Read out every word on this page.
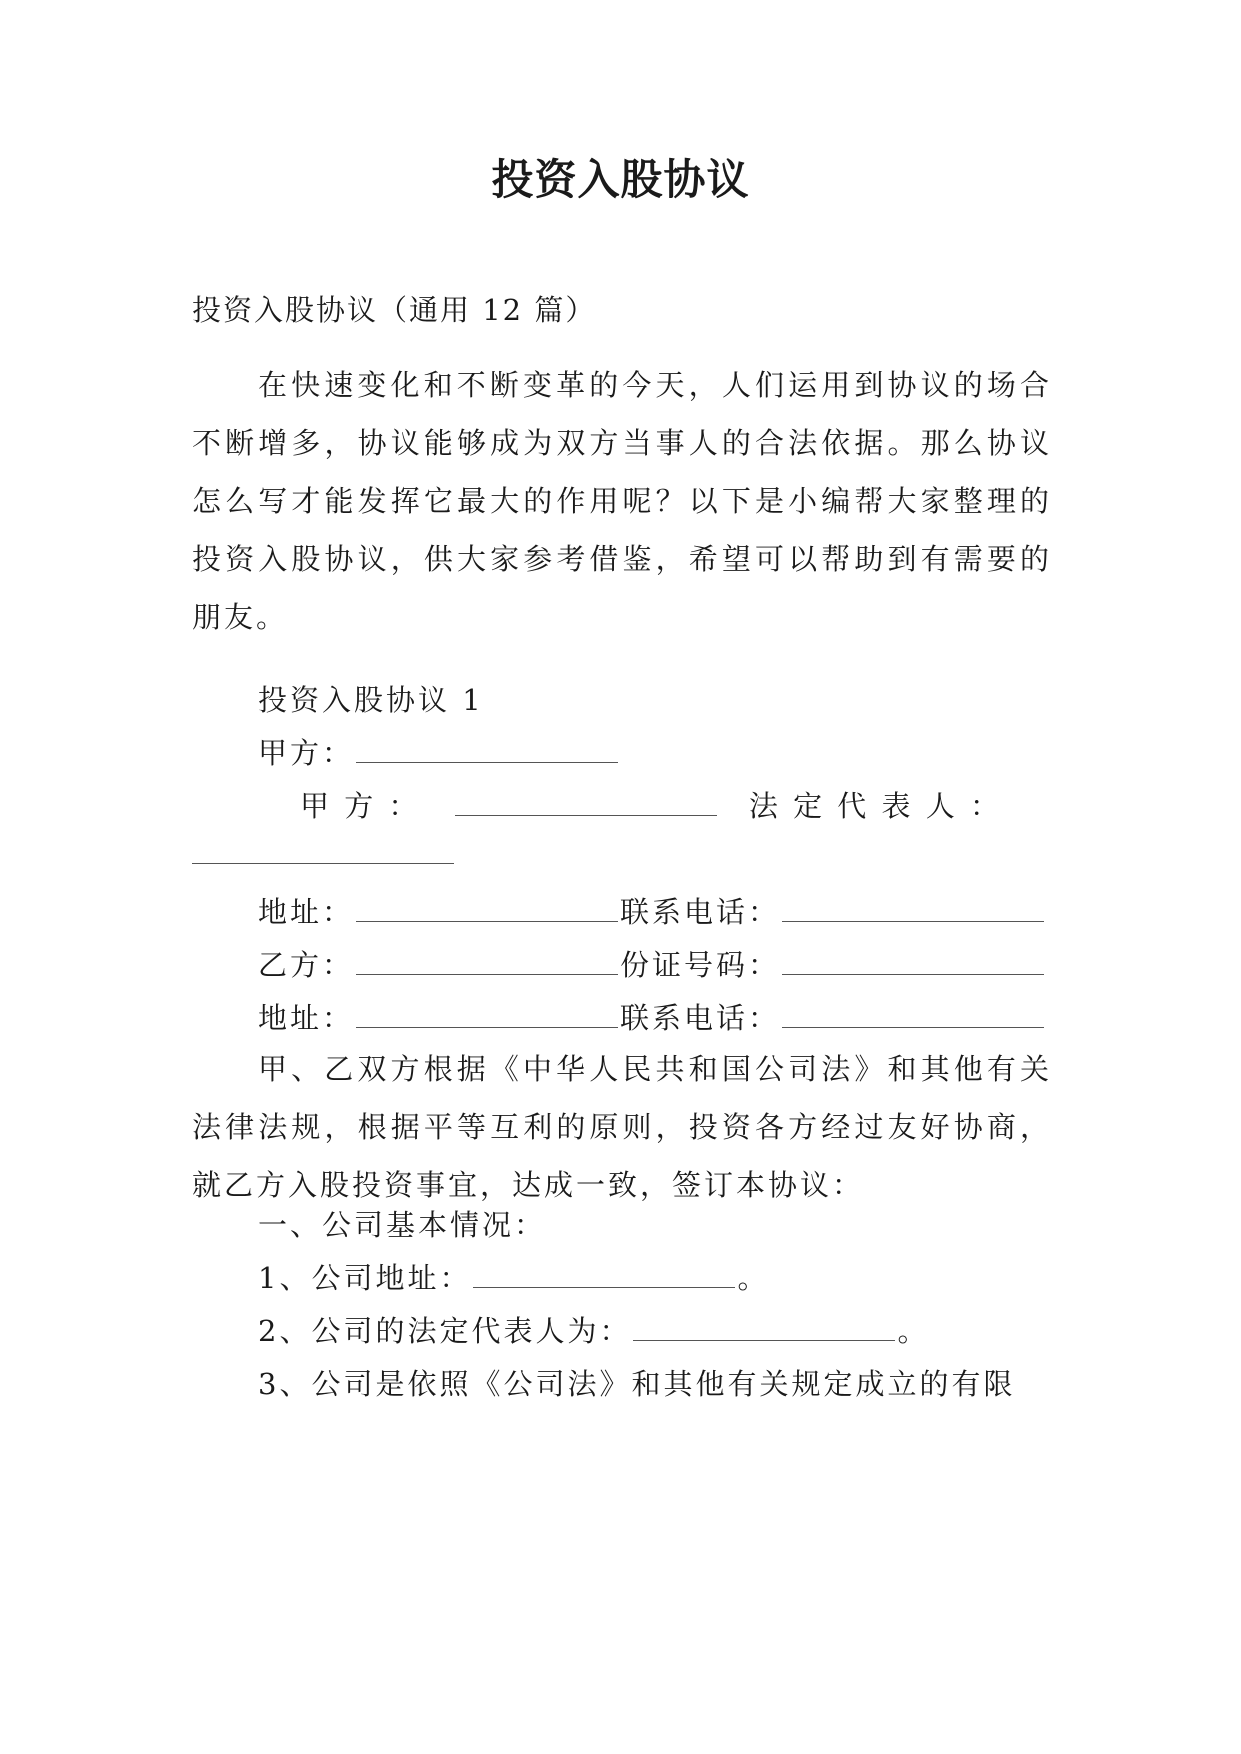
投资入股协议
投资入股协议（通用 12 篇）

在快速变化和不断变革的今天，人们运用到协议的场合不断增多，协议能够成为双方当事人的合法依据。那么协议怎么写才能发挥它最大的作用呢？以下是小编帮大家整理的投资入股协议，供大家参考借鉴，希望可以帮助到有需要的朋友。

投资入股协议 1
甲方：
甲 方 ：	法 定 代 表 人 ：
地址：	联系电话：
乙方：	份证号码：
地址：	联系电话：

甲、乙双方根据《中华人民共和国公司法》和其他有关法律法规，根据平等互利的原则，投资各方经过友好协商，就乙方入股投资事宜，达成一致，签订本协议：

一、公司基本情况：
1、公司地址：	。
2、公司的法定代表人为：	。
3、公司是依照《公司法》和其他有关规定成立的有限
